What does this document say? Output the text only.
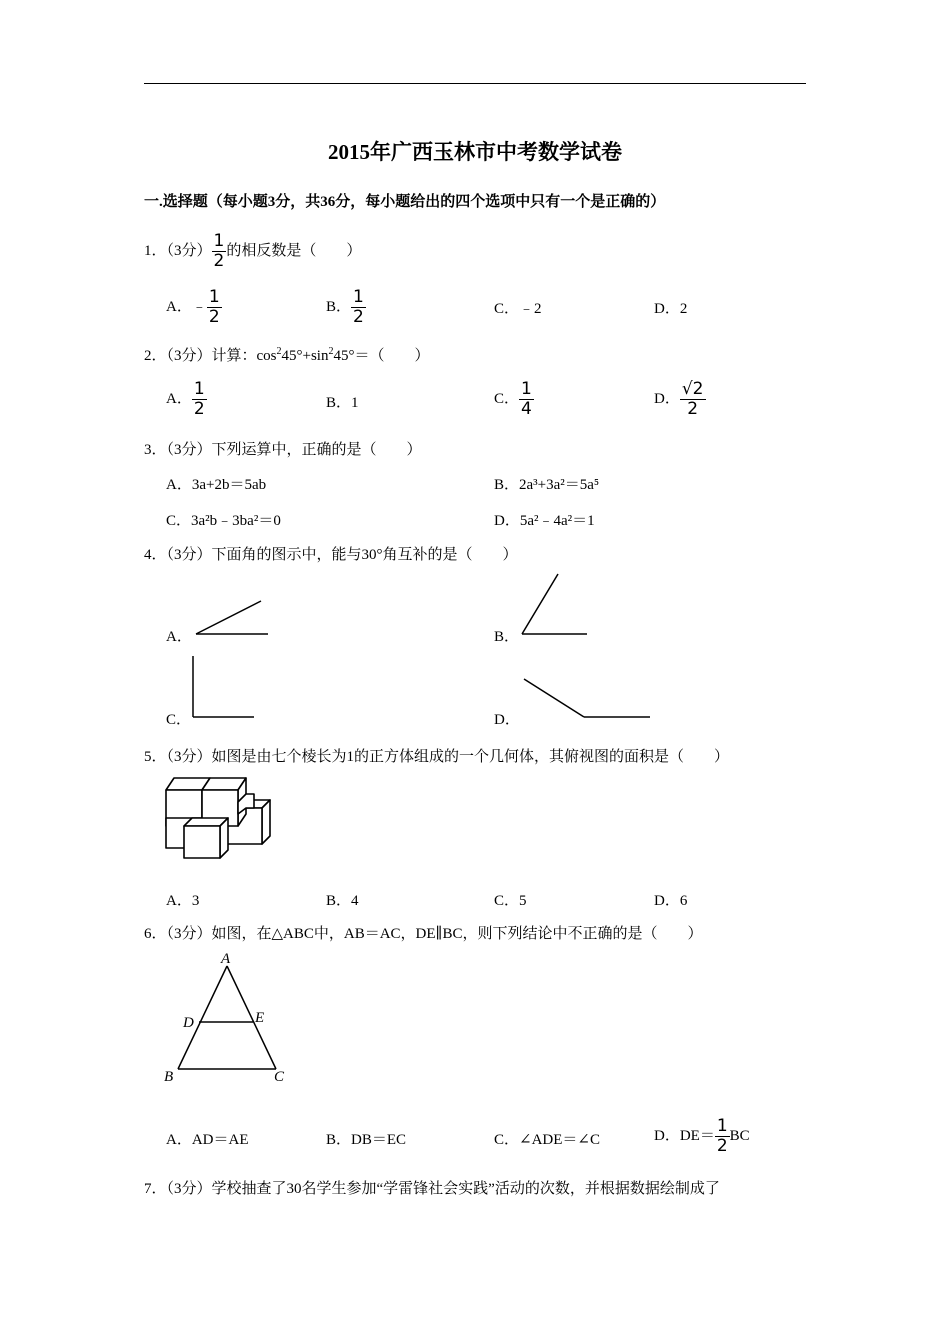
2015年广西玉林市中考数学试卷
一.选择题（每小题3分，共36分，每小题给出的四个选项中只有一个是正确的）
1．（3分） $\frac{1}{2}$ 的相反数是（　　）
A．﹣ $\frac{1}{2}$	B． $\frac{1}{2}$	C．﹣2	D．2
2．（3分）计算：$\cos^245^\circ+\sin^245^\circ=$（　　）
A． $\frac{1}{2}$	B．1	C． $\frac{1}{4}$	D． $\frac{√2}{2}$
3．（3分）下列运算中，正确的是（　　）
A．3a+2b＝5ab	B．2a³+3a²＝5a⁵
C．3a²b﹣3ba²＝0	D．5a²﹣4a²＝1
4．（3分）下面角的图示中，能与30°角互补的是（　　）
A．	B．
C．	D．
5．（3分）如图是由七个棱长为1的正方体组成的一个几何体，其俯视图的面积是（　　）
A．3	B．4	C．5	D．6
6．（3分）如图，在△ABC中，AB＝AC，DE∥BC，则下列结论中不正确的是（　　）
A
D	E
B	C
A．AD＝AE	B．DB＝EC	C．∠ADE＝∠C	D．$DE= \frac{1}{2}$ BC
7．（3分）学校抽查了30名学生参加“学雷锋社会实践”活动的次数，并根据数据绘制成了
